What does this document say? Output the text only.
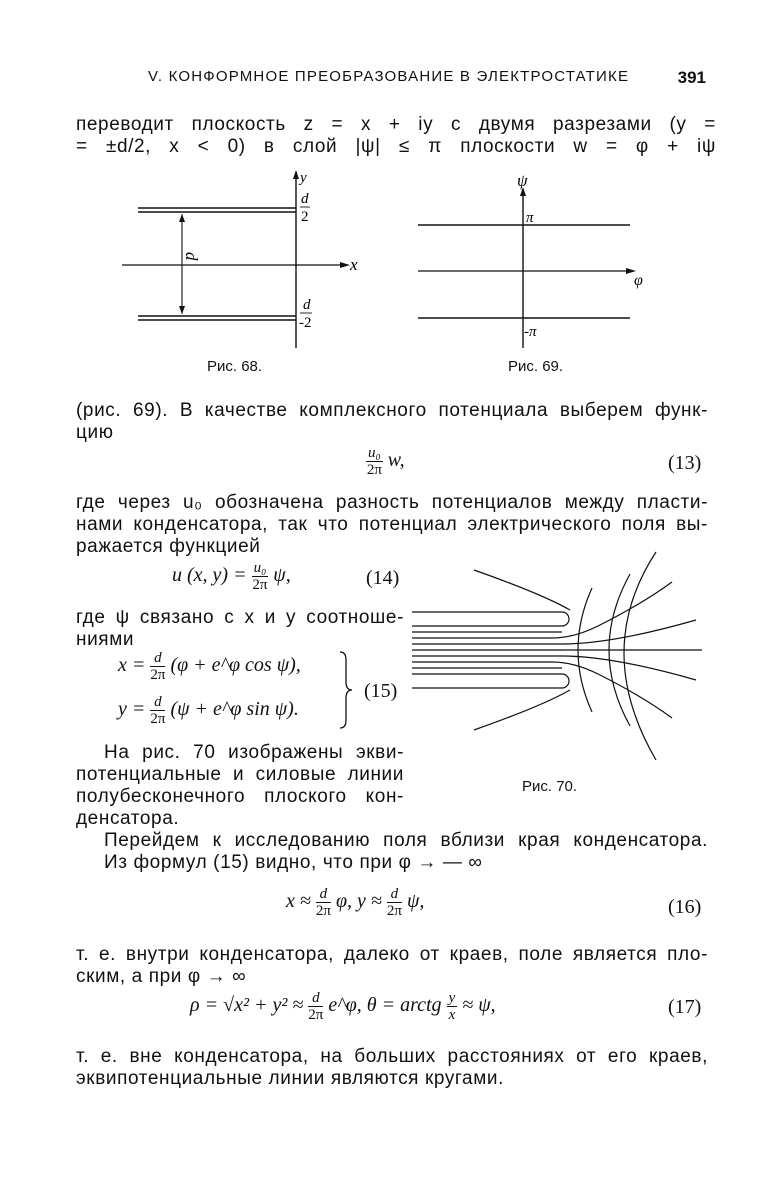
V. КОНФОРМНОЕ ПРЕОБРАЗОВАНИЕ В ЭЛЕКТРОСТАТИКЕ	391
переводит плоскость z = x + iy с двумя разрезами (y =
= ±d/2, x < 0) в слой |ψ| ≤ π плоскости w = φ + iψ
y
x
d
d
2
d
-2
Рис. 68.
ψ
φ
π
-π
Рис. 69.
(рис. 69). В качестве комплексного потенциала выберем функ-
цию
$\frac{\text{u₀}}{2\pi} w$,	(13)
где через u₀ обозначена разность потенциалов между пласти-
нами конденсатора, так что потенциал электрического поля вы-
ражается функцией
u (x, $y) = \frac{\text{u₀}}{2\pi} \psi$,	(14)
где ψ связано с x и y соотноше-
ниями
$x = \frac{d}{2\pi} (\varphi$ + e^φ cos ψ),
$y = \frac{d}{2\pi} (\psi$ + e^φ sin ψ).
(15)
Рис. 70.
На рис. 70 изображены экви-
потенциальные и силовые линии
полубесконечного плоского кон-
денсатора.
Перейдем к исследованию поля вблизи края конденсатора.
Из формул (15) видно, что при φ → — ∞
$x \approx \frac{d}{2\pi} \varphi$, $y \approx \frac{d}{2\pi} \psi$,	(16)
т. е. внутри конденсатора, далеко от краев, поле является пло-
ским, а при φ → ∞
$\rho = √x^2 + y^2 \approx \frac{d}{2\pi}$ e^φ, θ = arctg $\frac{y}{x} \approx \psi$,	(17)
т. е. вне конденсатора, на больших расстояниях от его краев,
эквипотенциальные линии являются кругами.
